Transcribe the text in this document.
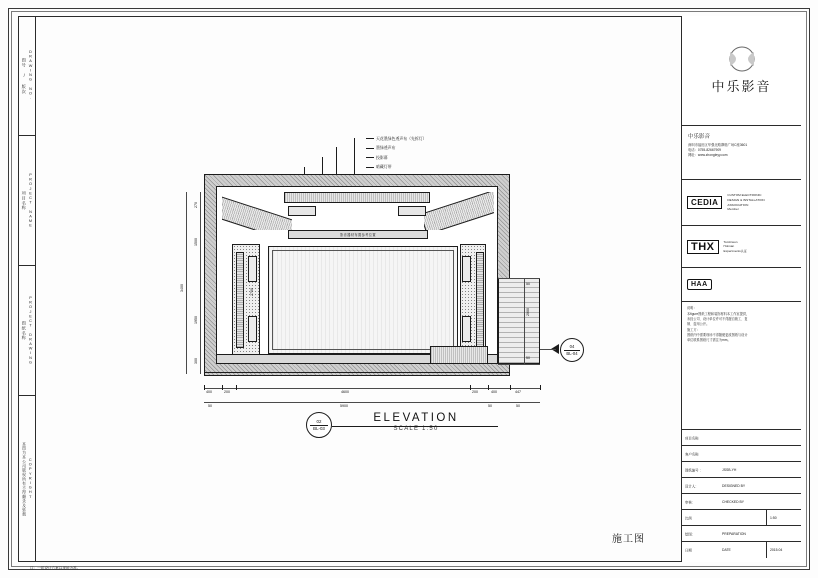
图号 / 版次 DRAWING NO.
项目名称 PROJECT NAME
图纸名称 PROJECT DRAWING
本图为本公司版权所有不得翻录及转载 COPYRIGHT
天花墨绿色透声布（先拆灯）
墨绿透声布
投影幕
暗藏灯带
影音器材布置参考位置
270
1500
3400
1950
300
2700
50
2000
50
400	200	4600	200	400	447
5900
50	50	50
ELEVATION
SCALE 1:50
02
BL-03
04
BL-04
中乐影音
中乐影音
深圳市福田区华强北路賽格广场C座3601
电话：0755-82667909
网址：www.zhongleyy.com
CEDIA
CUSTOM ELECTRONIC
DESIGN & INSTALLATION
ASSOCIATION
Member
THX	Tomlinson
Holman
Experiments认证
HAA
说明：
本figure图纸工程和装饰材料本工作室提供，
未经公司、设计单位许可不得擅自施工、复
制、盗用公开。
施工方：
图纸内中需要现场不得随便更改图纸与设计
单位联系图纸尺寸需注为mm。
项目名称
客户名称
图纸编号 ：	JSSB-YH
设计人：	DESIGNED BY
审核：	CHECKED BY
比例	1:50
绘图：	PREPARATION
日期	DATE	2015.04
施工图
注：一切设计方案以现场为准。
